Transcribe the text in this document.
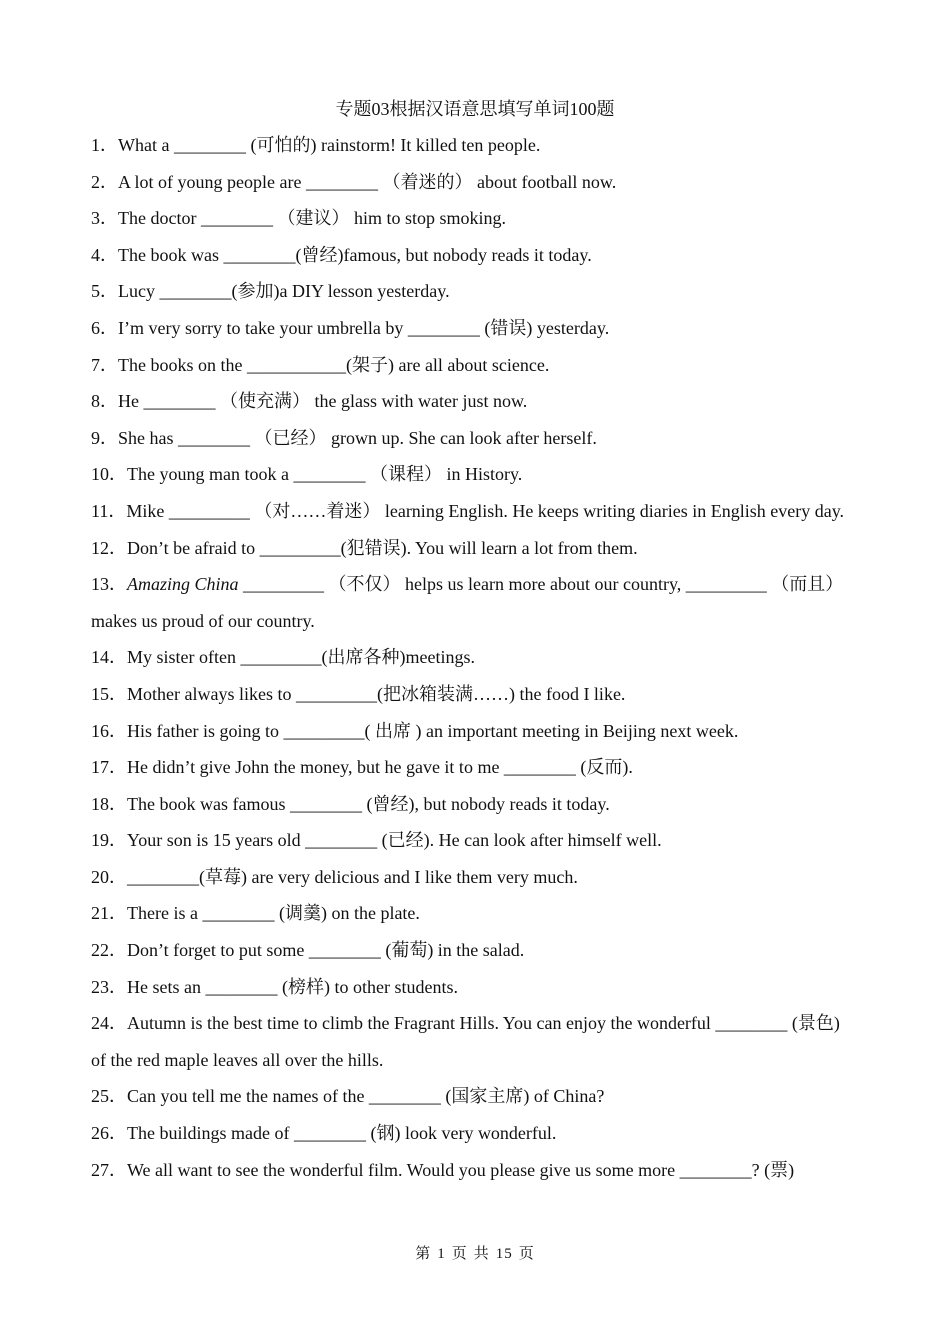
专题03根据汉语意思填写单词100题

1．What a ________ (可怕的) rainstorm! It killed ten people.

2．A lot of young people are ________ （着迷的） about football now.

3．The doctor ________ （建议） him to stop smoking.

4．The book was ________(曾经)famous, but nobody reads it today.

5．Lucy ________(参加)a DIY lesson yesterday.

6．I’m very sorry to take your umbrella by ________ (错误) yesterday.

7．The books on the ___________(架子) are all about science.

8．He ________ （使充满） the glass with water just now.

9．She has ________ （已经） grown up. She can look after herself.

10．The young man took a ________ （课程） in History.

11．Mike _________ （对……着迷） learning English. He keeps writing diaries in English every day.

12．Don’t be afraid to _________(犯错误). You will learn a lot from them.

13．Amazing China _________ （不仅） helps us learn more about our country, _________ （而且） makes us proud of our country.

14．My sister often _________(出席各种)meetings.

15．Mother always likes to _________(把冰箱装满……) the food I like.

16．His father is going to _________( 出席 ) an important meeting in Beijing next week.

17．He didn’t give John the money, but he gave it to me ________ (反而).

18．The book was famous ________ (曾经), but nobody reads it today.

19．Your son is 15 years old ________ (已经). He can look after himself well.

20．________(草莓) are very delicious and I like them very much.

21．There is a ________ (调羹) on the plate.

22．Don’t forget to put some ________ (葡萄) in the salad.

23．He sets an ________ (榜样) to other students.

24．Autumn is the best time to climb the Fragrant Hills. You can enjoy the wonderful ________ (景色) of the red maple leaves all over the hills.

25．Can you tell me the names of the ________ (国家主席) of China?

26．The buildings made of ________ (钢) look very wonderful.

27．We all want to see the wonderful film. Would you please give us some more ________? (票)

第 1 页 共 15 页
